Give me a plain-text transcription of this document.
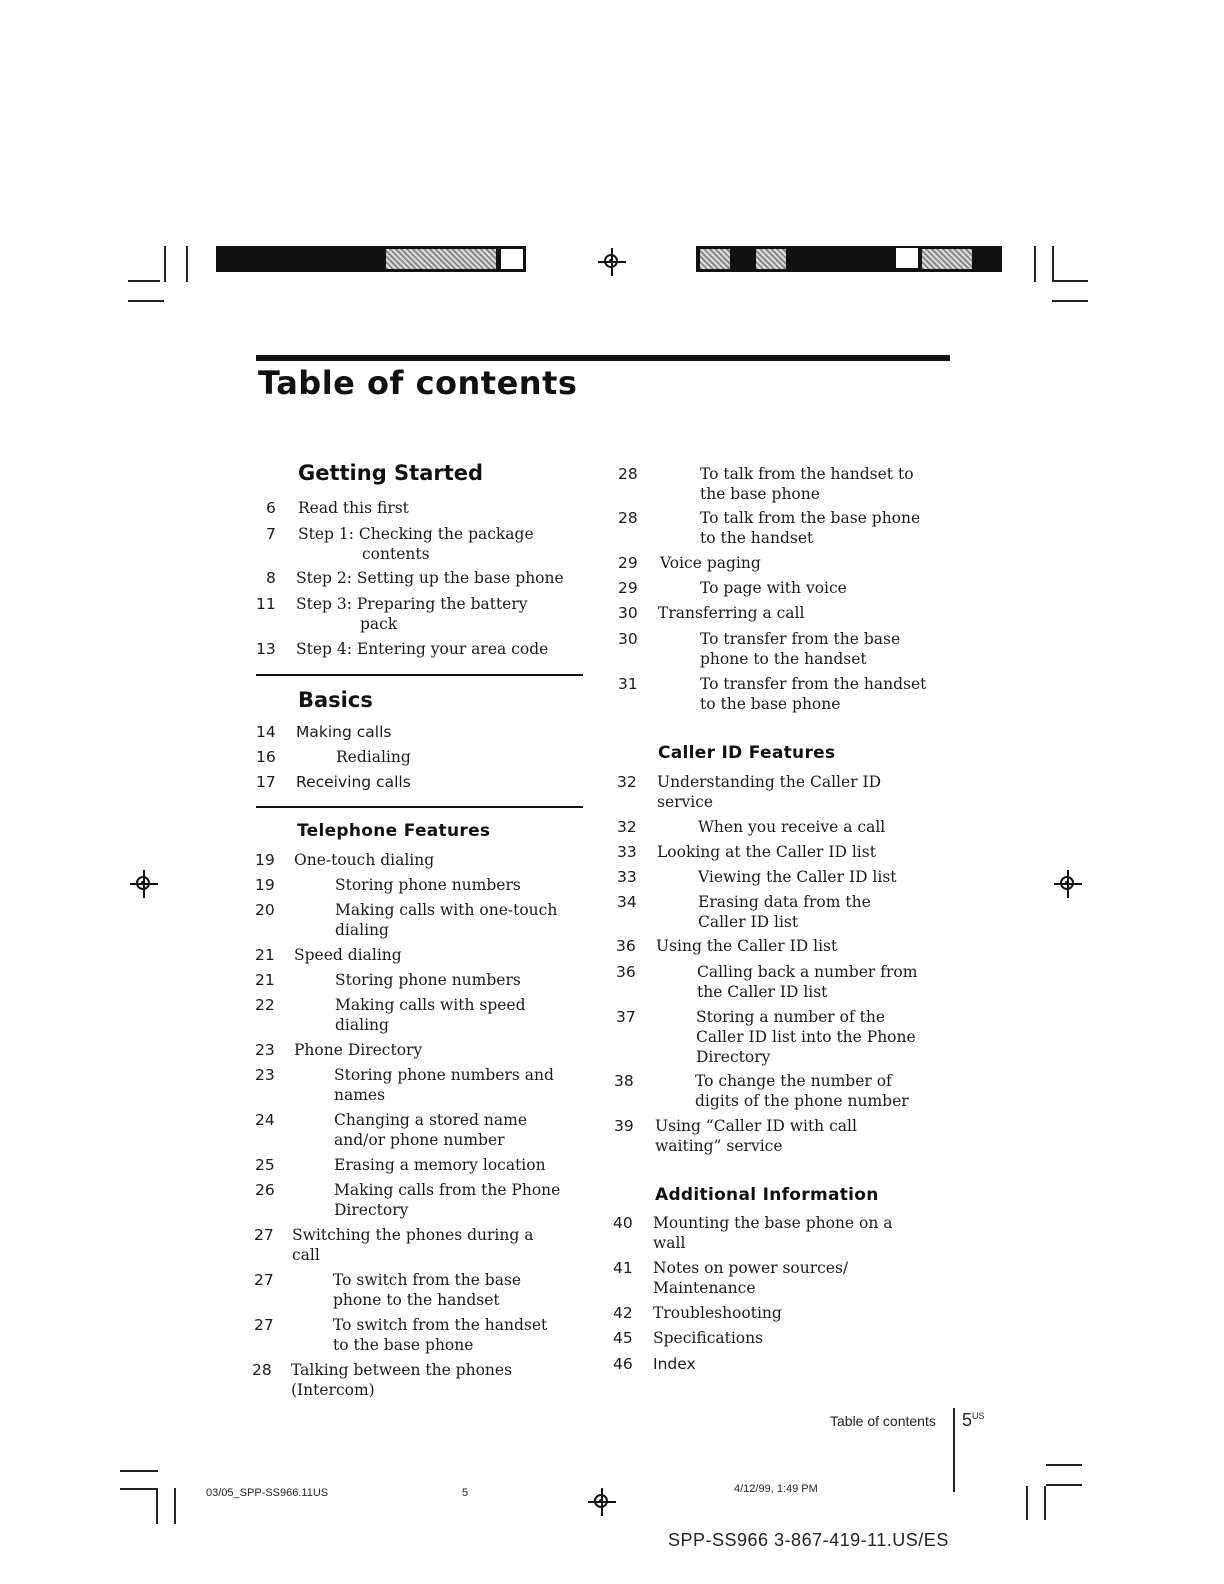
Table of contents
Getting Started
6 Read this first
7 Step 1: Checking the package
contents
8 Step 2: Setting up the base phone
11 Step 3: Preparing the battery
pack
13 Step 4: Entering your area code
Basics
14 Making calls
16	Redialing
17 Receiving calls
Telephone Features
19 One-touch dialing
19	Storing phone numbers
20	Making calls with one-touch
dialing
21 Speed dialing
21	Storing phone numbers
22	Making calls with speed
dialing
23 Phone Directory
23	Storing phone numbers and
names
24	Changing a stored name
and/or phone number
25	Erasing a memory location
26	Making calls from the Phone
Directory
27 Switching the phones during a
call
27	To switch from the base
phone to the handset
27	To switch from the handset
to the base phone
28 Talking between the phones
(Intercom)
28	To talk from the handset to
the base phone
28	To talk from the base phone
to the handset
29 Voice paging
29	To page with voice
30 Transferring a call
30	To transfer from the base
phone to the handset
31	To transfer from the handset
to the base phone
Caller ID Features
32 Understanding the Caller ID
service
32	When you receive a call
33 Looking at the Caller ID list
33	Viewing the Caller ID list
34	Erasing data from the
Caller ID list
36 Using the Caller ID list
36	Calling back a number from
the Caller ID list
37	Storing a number of the
Caller ID list into the Phone
Directory
38	To change the number of
digits of the phone number
39 Using “Caller ID with call
waiting” service
Additional Information
40 Mounting the base phone on a
wall
41 Notes on power sources/
Maintenance
42 Troubleshooting
45 Specifications
46 Index
Table of contents $5^{US}$
03/05_SPP-SS966.11US	5	4/12/99, 1:49 PM
SPP-SS966 3-867-419-11.US/ES
